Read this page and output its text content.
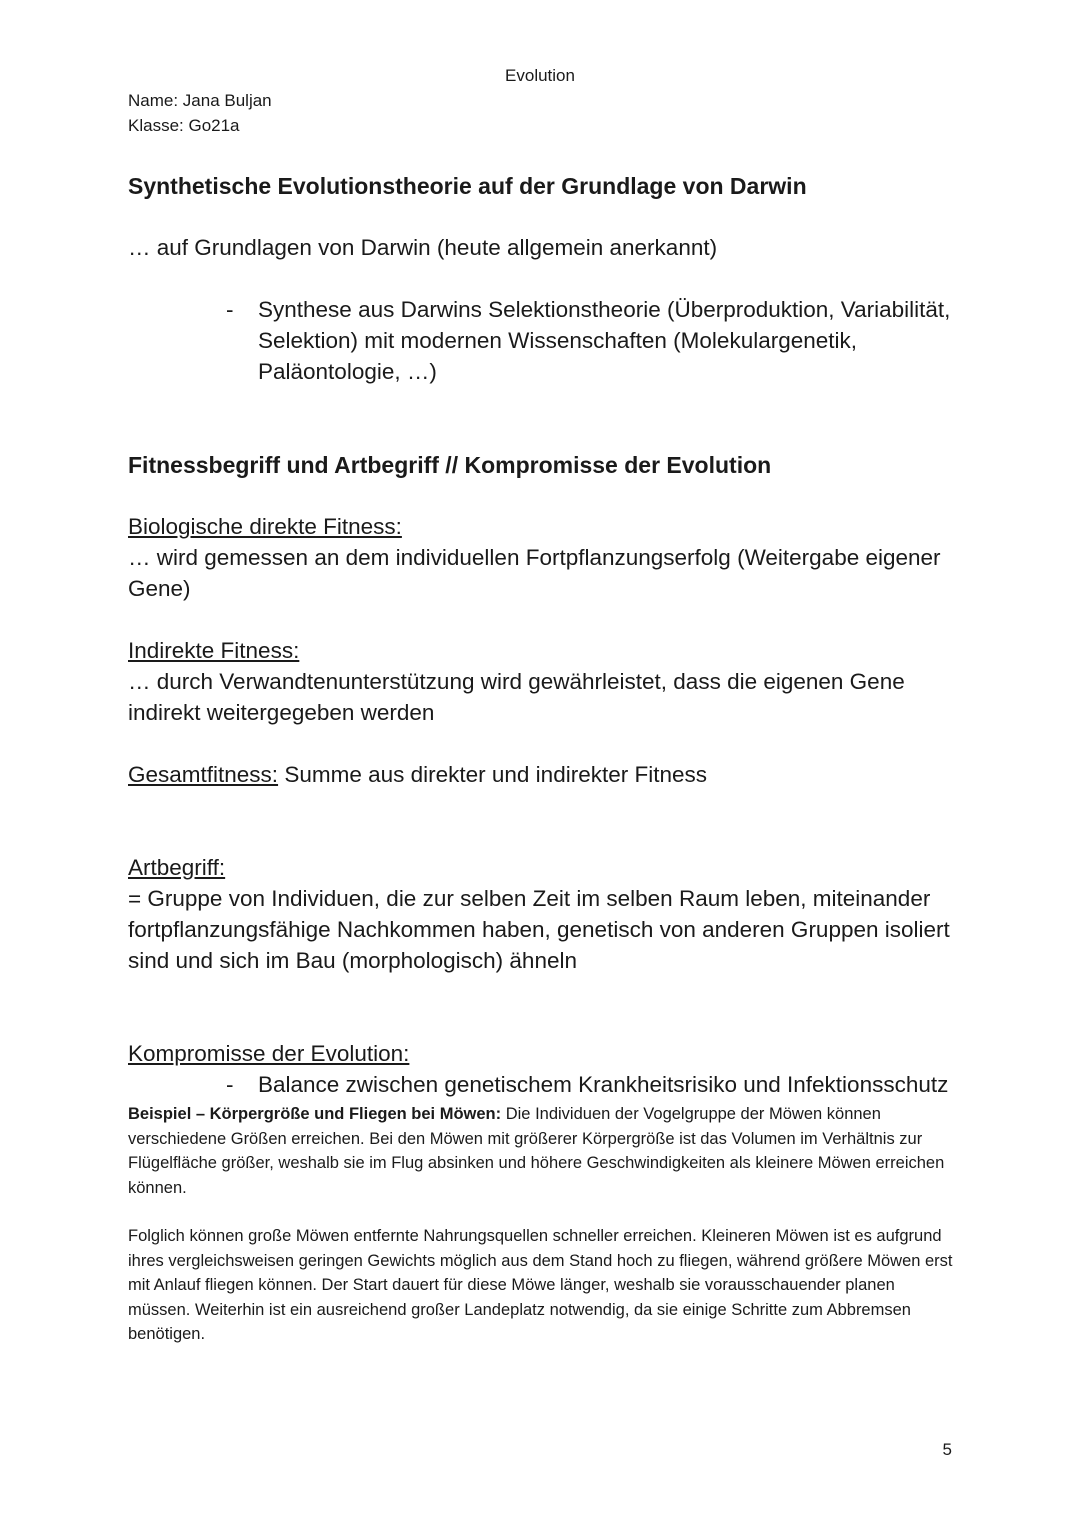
Evolution
Name: Jana Buljan
Klasse: Go21a

Synthetische Evolutionstheorie auf der Grundlage von Darwin

… auf Grundlagen von Darwin (heute allgemein anerkannt)

- Synthese aus Darwins Selektionstheorie (Überproduktion, Variabilität, Selektion) mit modernen Wissenschaften (Molekulargenetik, Paläontologie, …)

Fitnessbegriff und Artbegriff // Kompromisse der Evolution

Biologische direkte Fitness:

… wird gemessen an dem individuellen Fortpflanzungserfolg (Weitergabe eigener Gene)

Indirekte Fitness:

… durch Verwandtenunterstützung wird gewährleistet, dass die eigenen Gene indirekt weitergegeben werden

Gesamtfitness: Summe aus direkter und indirekter Fitness

Artbegriff:

= Gruppe von Individuen, die zur selben Zeit im selben Raum leben, miteinander fortpflanzungsfähige Nachkommen haben, genetisch von anderen Gruppen isoliert sind und sich im Bau (morphologisch) ähneln

Kompromisse der Evolution:

- Balance zwischen genetischem Krankheitsrisiko und Infektionsschutz

Beispiel – Körpergröße und Fliegen bei Möwen: Die Individuen der Vogelgruppe der Möwen können verschiedene Größen erreichen. Bei den Möwen mit größerer Körpergröße ist das Volumen im Verhältnis zur Flügelfläche größer, weshalb sie im Flug absinken und höhere Geschwindigkeiten als kleinere Möwen erreichen können.

Folglich können große Möwen entfernte Nahrungsquellen schneller erreichen. Kleineren Möwen ist es aufgrund ihres vergleichsweisen geringen Gewichts möglich aus dem Stand hoch zu fliegen, während größere Möwen erst mit Anlauf fliegen können. Der Start dauert für diese Möwe länger, weshalb sie vorausschauender planen müssen. Weiterhin ist ein ausreichend großer Landeplatz notwendig, da sie einige Schritte zum Abbremsen benötigen.

5
